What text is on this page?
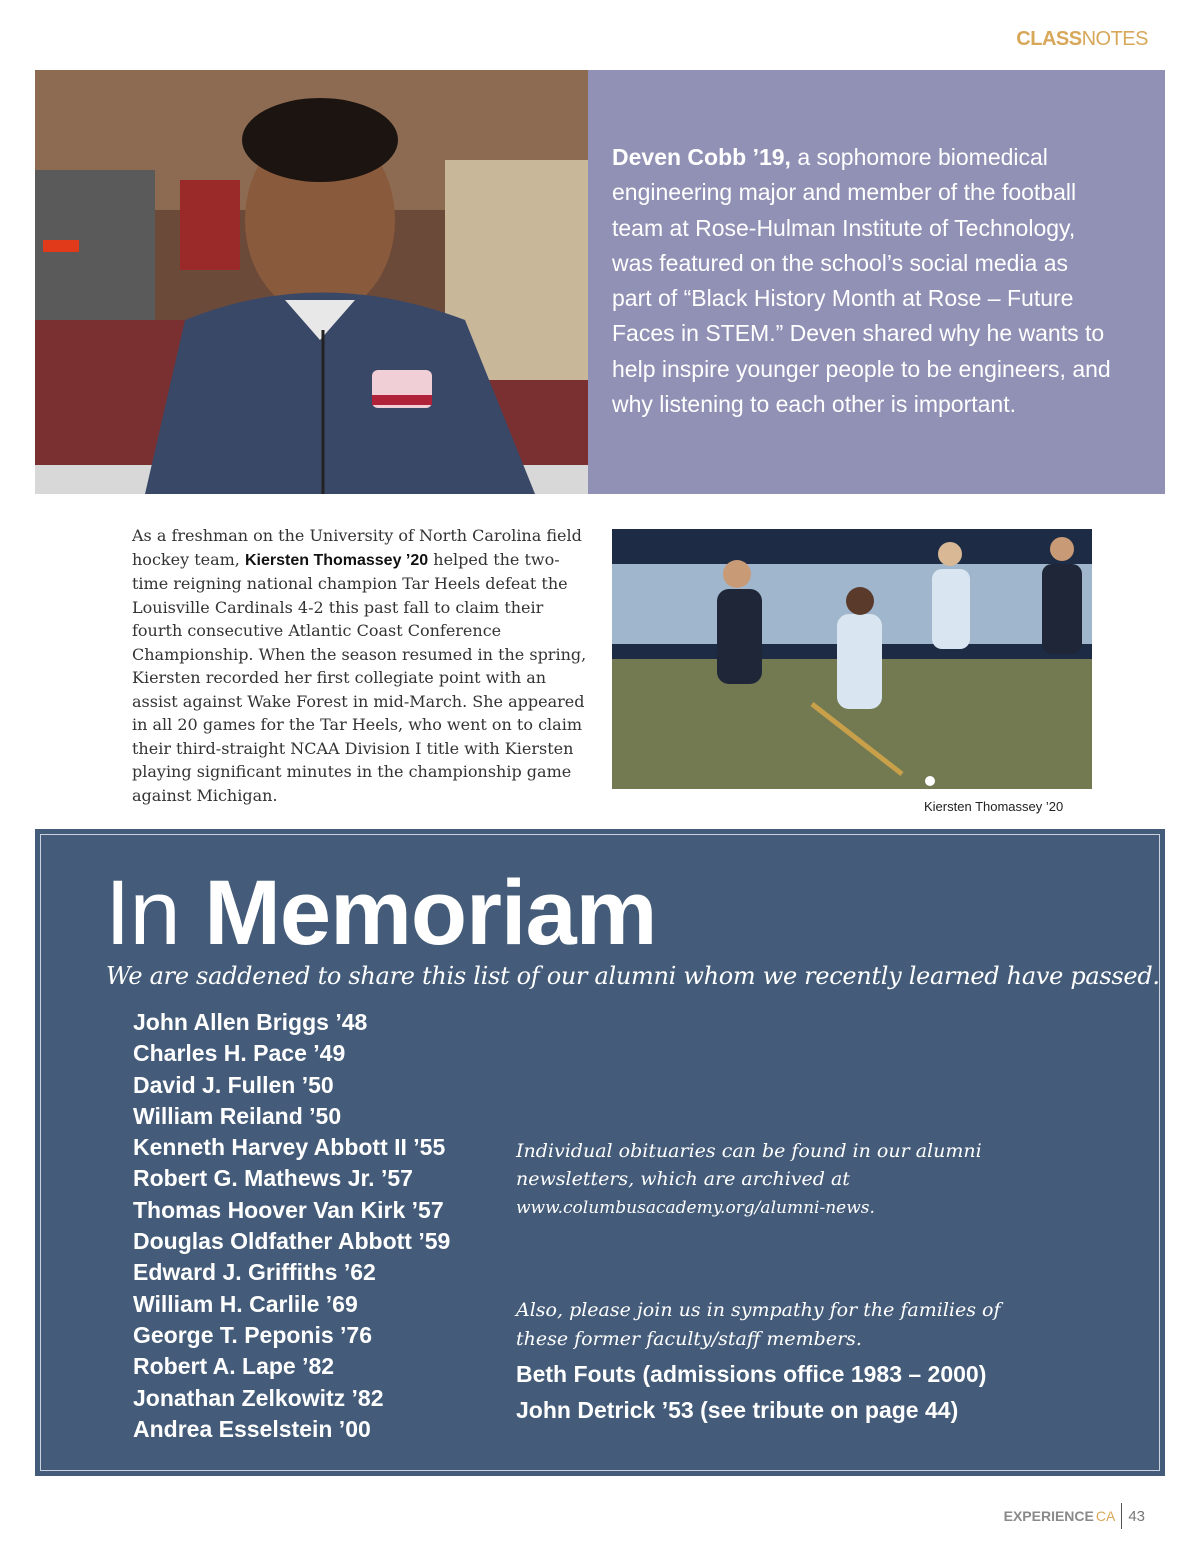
CLASSNOTES
Deven Cobb ’19, a sophomore biomedical engineering major and member of the football team at Rose-Hulman Institute of Technology, was featured on the school’s social media as part of “Black History Month at Rose – Future Faces in STEM.” Deven shared why he wants to help inspire younger people to be engineers, and why listening to each other is important.
As a freshman on the University of North Carolina field hockey team, Kiersten Thomassey ’20 helped the two-time reigning national champion Tar Heels defeat the Louisville Cardinals 4-2 this past fall to claim their fourth consecutive Atlantic Coast Conference Championship. When the season resumed in the spring, Kiersten recorded her first collegiate point with an assist against Wake Forest in mid-March. She appeared in all 20 games for the Tar Heels, who went on to claim their third-straight NCAA Division I title with Kiersten playing significant minutes in the championship game against Michigan.
Kiersten Thomassey ’20
In Memoriam
We are saddened to share this list of our alumni whom we recently learned have passed.
John Allen Briggs ’48
Charles H. Pace ’49
David J. Fullen ’50
William Reiland ’50
Kenneth Harvey Abbott II ’55
Robert G. Mathews Jr. ’57
Thomas Hoover Van Kirk ’57
Douglas Oldfather Abbott ’59
Edward J. Griffiths ’62
William H. Carlile ’69
George T. Peponis ’76
Robert A. Lape ’82
Jonathan Zelkowitz ’82
Andrea Esselstein ’00
Individual obituaries can be found in our alumni newsletters, which are archived at
www.columbusacademy.org/alumni-news.
Also, please join us in sympathy for the families of these former faculty/staff members.
Beth Fouts (admissions office 1983 – 2000)
John Detrick ’53 (see tribute on page 44)
EXPERIENCE CA 43
